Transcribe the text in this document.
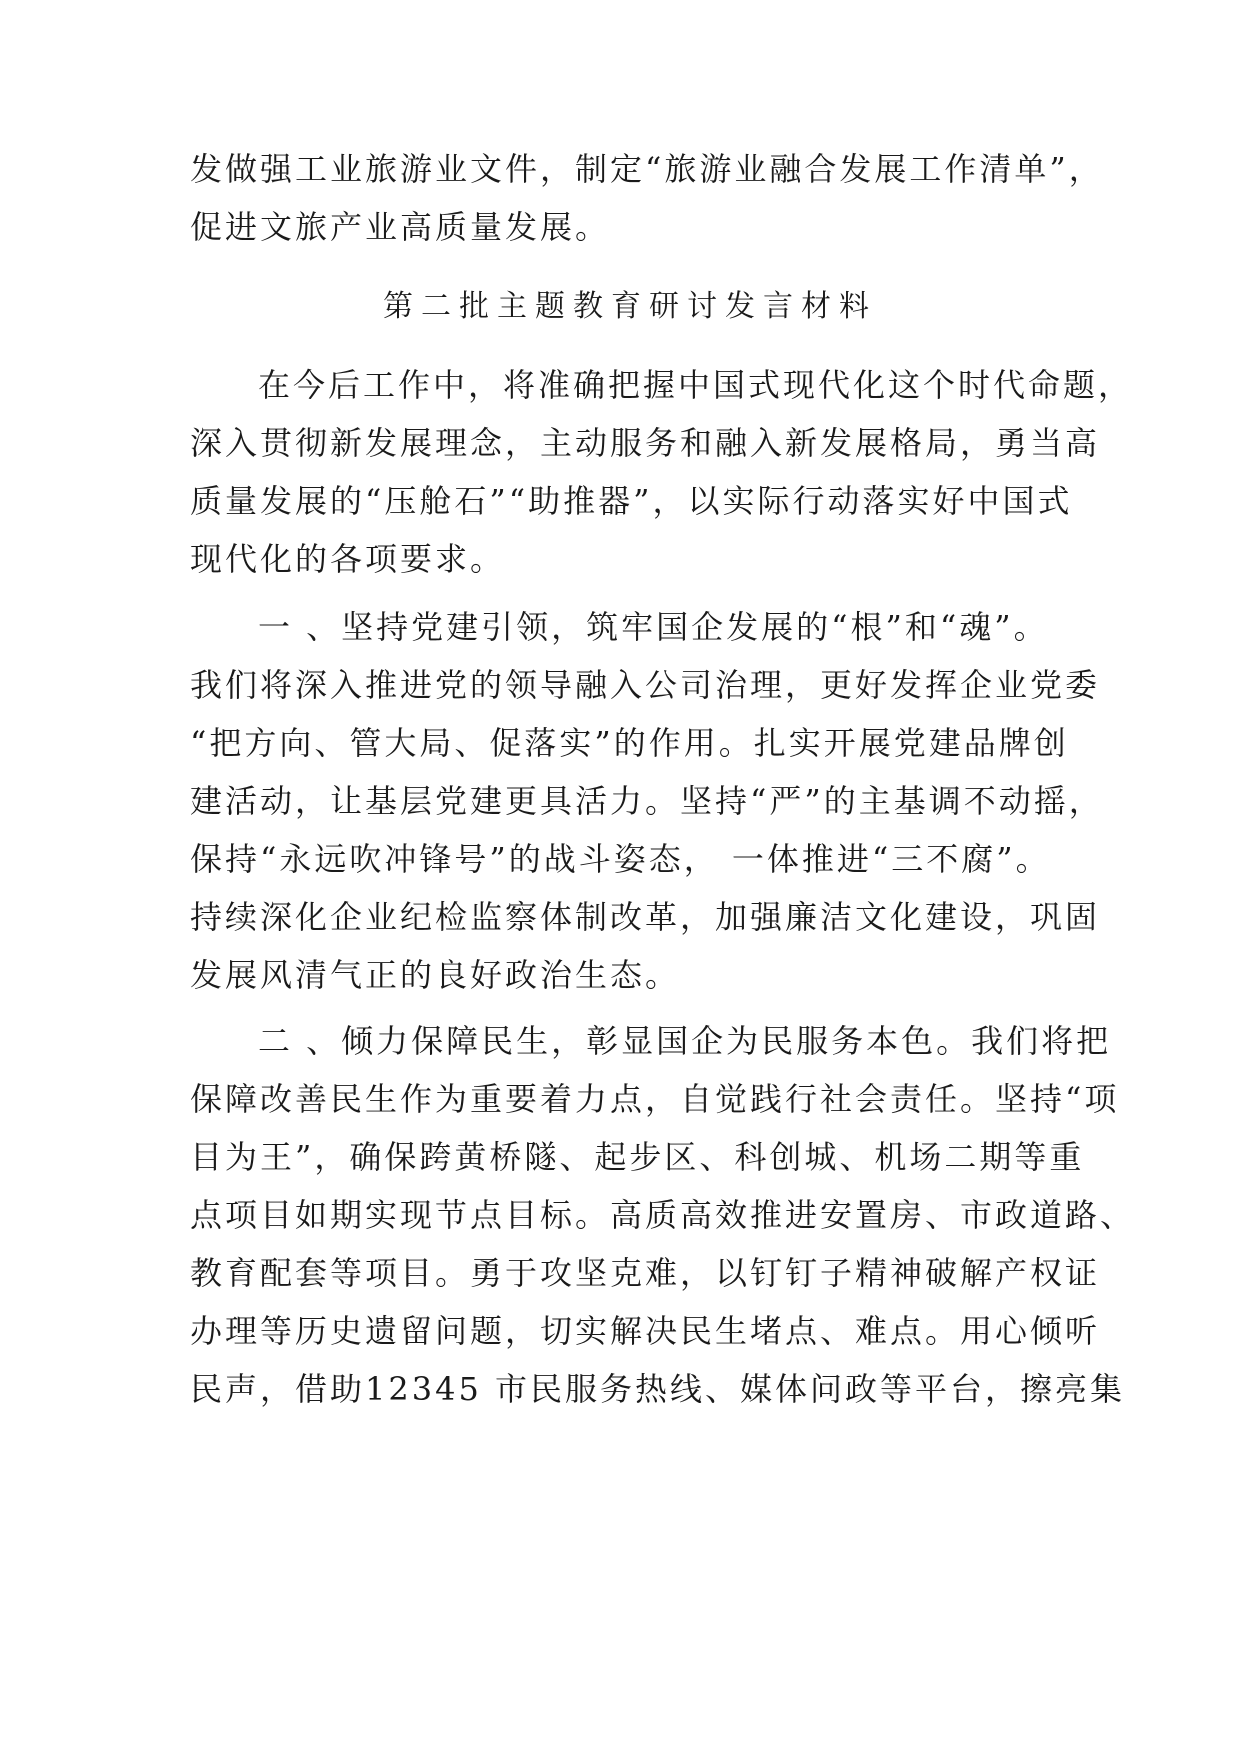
发做强工业旅游业文件，制定“旅游业融合发展工作清单”，
促进文旅产业高质量发展。
第二批主题教育研讨发言材料
在今后工作中，将准确把握中国式现代化这个时代命题，
深入贯彻新发展理念，主动服务和融入新发展格局，勇当高
质量发展的“压舱石”“助推器”，以实际行动落实好中国式
现代化的各项要求。
一 、坚持党建引领，筑牢国企发展的“根”和“魂”。
我们将深入推进党的领导融入公司治理，更好发挥企业党委
“把方向、管大局、促落实”的作用。扎实开展党建品牌创
建活动，让基层党建更具活力。坚持“严”的主基调不动摇，
保持“永远吹冲锋号”的战斗姿态， 一体推进“三不腐”。
持续深化企业纪检监察体制改革，加强廉洁文化建设，巩固
发展风清气正的良好政治生态。
二 、倾力保障民生，彰显国企为民服务本色。我们将把
保障改善民生作为重要着力点，自觉践行社会责任。坚持“项
目为王”，确保跨黄桥隧、起步区、科创城、机场二期等重
点项目如期实现节点目标。高质高效推进安置房、市政道路、
教育配套等项目。勇于攻坚克难，以钉钉子精神破解产权证
办理等历史遗留问题，切实解决民生堵点、难点。用心倾听
民声，借助12345 市民服务热线、媒体问政等平台，擦亮集
